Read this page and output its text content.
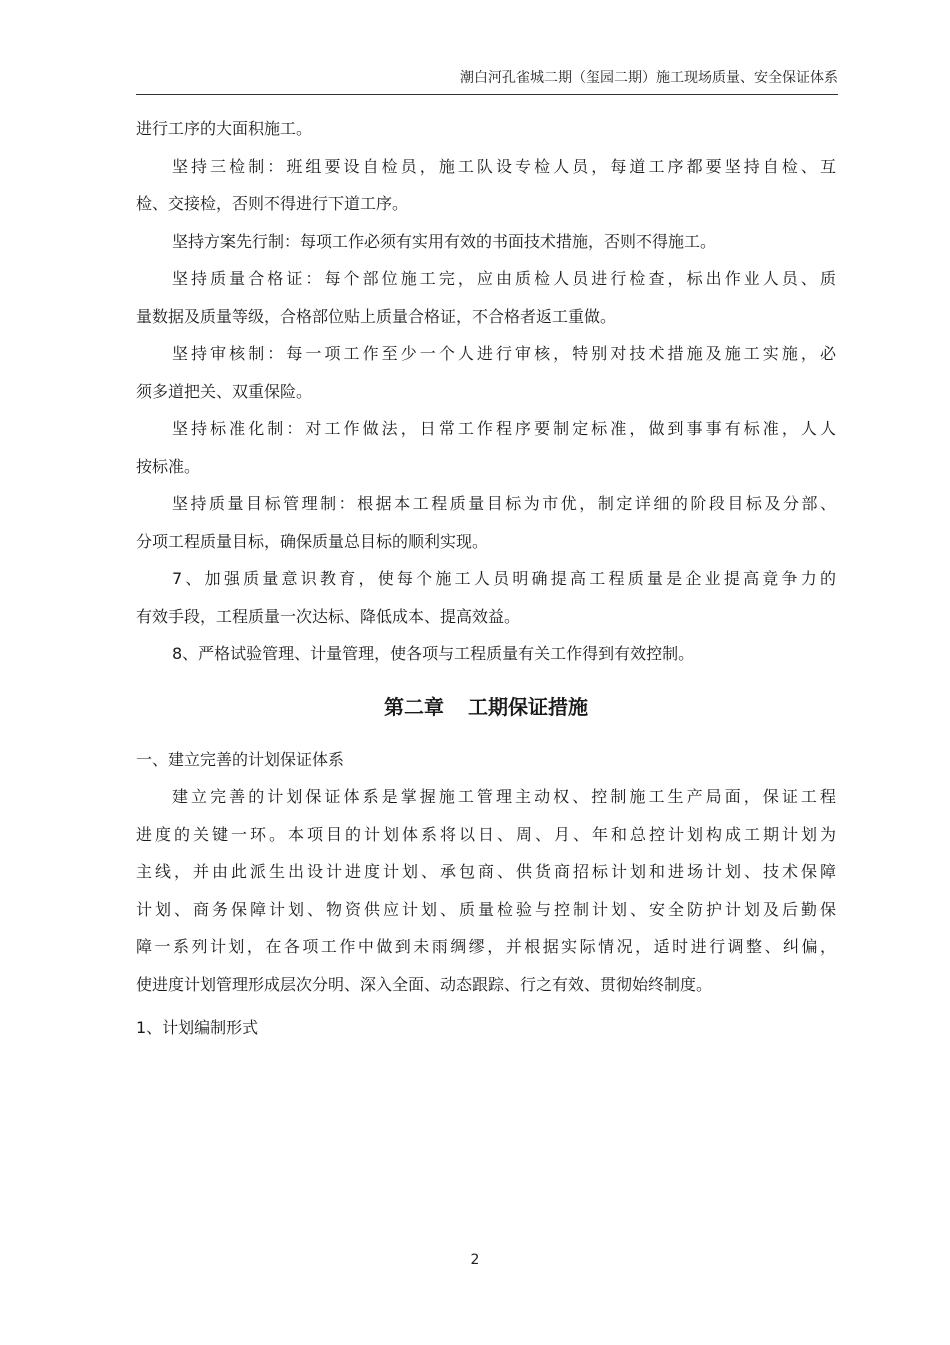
潮白河孔雀城二期（玺园二期）施工现场质量、安全保证体系

进行工序的大面积施工。

坚持三检制：班组要设自检员，施工队设专检人员，每道工序都要坚持自检、互

检、交接检，否则不得进行下道工序。

坚持方案先行制：每项工作必须有实用有效的书面技术措施，否则不得施工。

坚持质量合格证：每个部位施工完，应由质检人员进行检查，标出作业人员、质

量数据及质量等级，合格部位贴上质量合格证，不合格者返工重做。

坚持审核制：每一项工作至少一个人进行审核，特别对技术措施及施工实施，必

须多道把关、双重保险。

坚持标准化制：对工作做法，日常工作程序要制定标准，做到事事有标准，人人

按标准。

坚持质量目标管理制：根据本工程质量目标为市优，制定详细的阶段目标及分部、

分项工程质量目标，确保质量总目标的顺利实现。

7、加强质量意识教育，使每个施工人员明确提高工程质量是企业提高竟争力的

有效手段，工程质量一次达标、降低成本、提高效益。

8、严格试验管理、计量管理，使各项与工程质量有关工作得到有效控制。

第二章 工期保证措施

一、建立完善的计划保证体系

建立完善的计划保证体系是掌握施工管理主动权、控制施工生产局面，保证工程

进度的关键一环。本项目的计划体系将以日、周、月、年和总控计划构成工期计划为

主线，并由此派生出设计进度计划、承包商、供货商招标计划和进场计划、技术保障

计划、商务保障计划、物资供应计划、质量检验与控制计划、安全防护计划及后勤保

障一系列计划，在各项工作中做到未雨绸缪，并根据实际情况，适时进行调整、纠偏，

使进度计划管理形成层次分明、深入全面、动态跟踪、行之有效、贯彻始终制度。

1、计划编制形式

2
